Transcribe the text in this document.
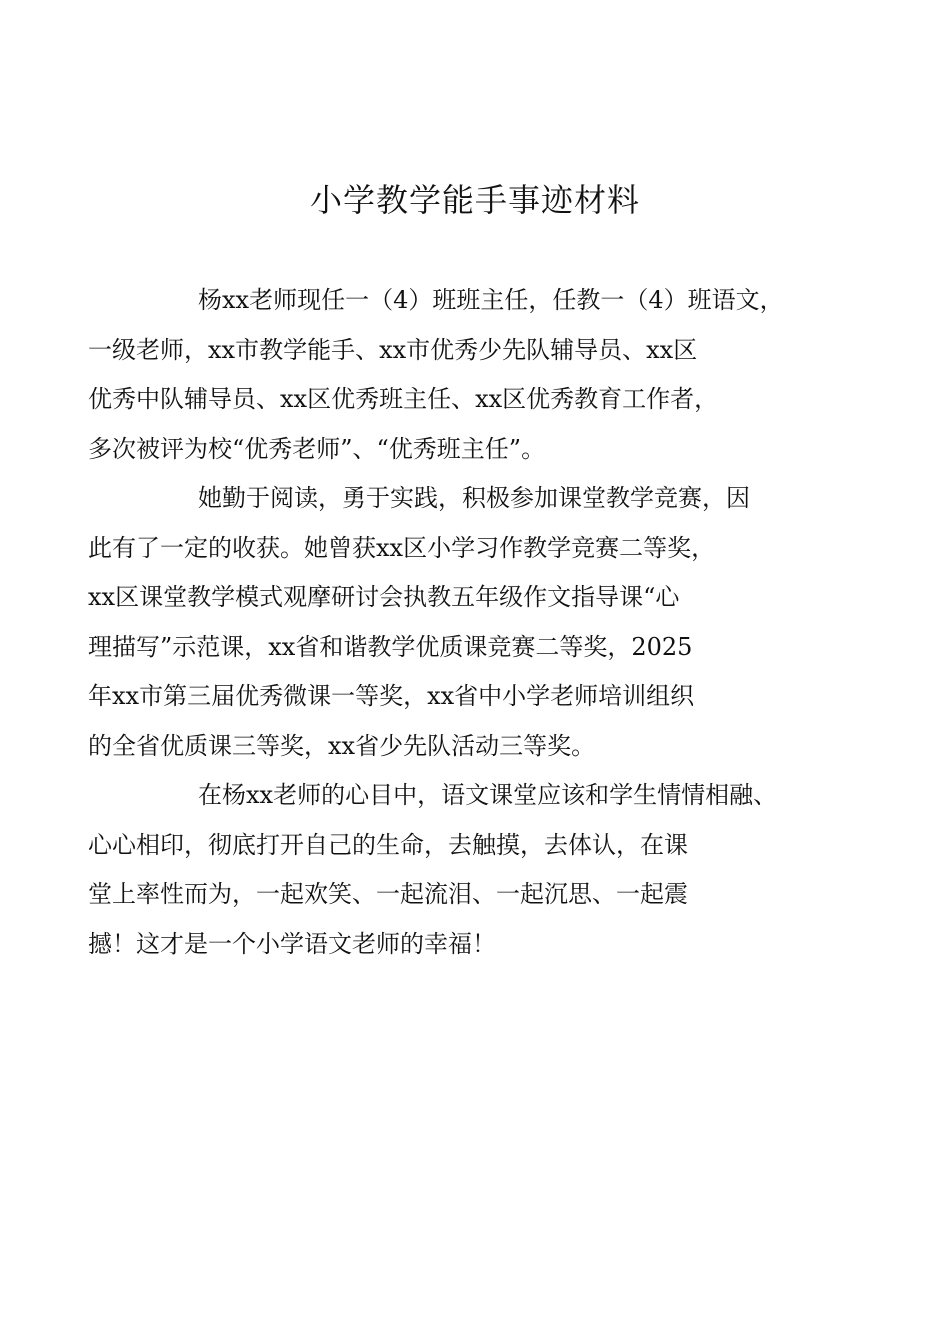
小学教学能手事迹材料

杨xx老师现任一（4）班班主任，任教一（4）班语文，
一级老师，xx市教学能手、xx市优秀少先队辅导员、xx区
优秀中队辅导员、xx区优秀班主任、xx区优秀教育工作者，
多次被评为校“优秀老师”、“优秀班主任”。

她勤于阅读，勇于实践，积极参加课堂教学竞赛，因
此有了一定的收获。她曾获xx区小学习作教学竞赛二等奖，
xx区课堂教学模式观摩研讨会执教五年级作文指导课“心
理描写”示范课，xx省和谐教学优质课竞赛二等奖，2025
年xx市第三届优秀微课一等奖，xx省中小学老师培训组织
的全省优质课三等奖，xx省少先队活动三等奖。

在杨xx老师的心目中，语文课堂应该和学生情情相融、
心心相印，彻底打开自己的生命，去触摸，去体认，在课
堂上率性而为，一起欢笑、一起流泪、一起沉思、一起震
撼！这才是一个小学语文老师的幸福！
